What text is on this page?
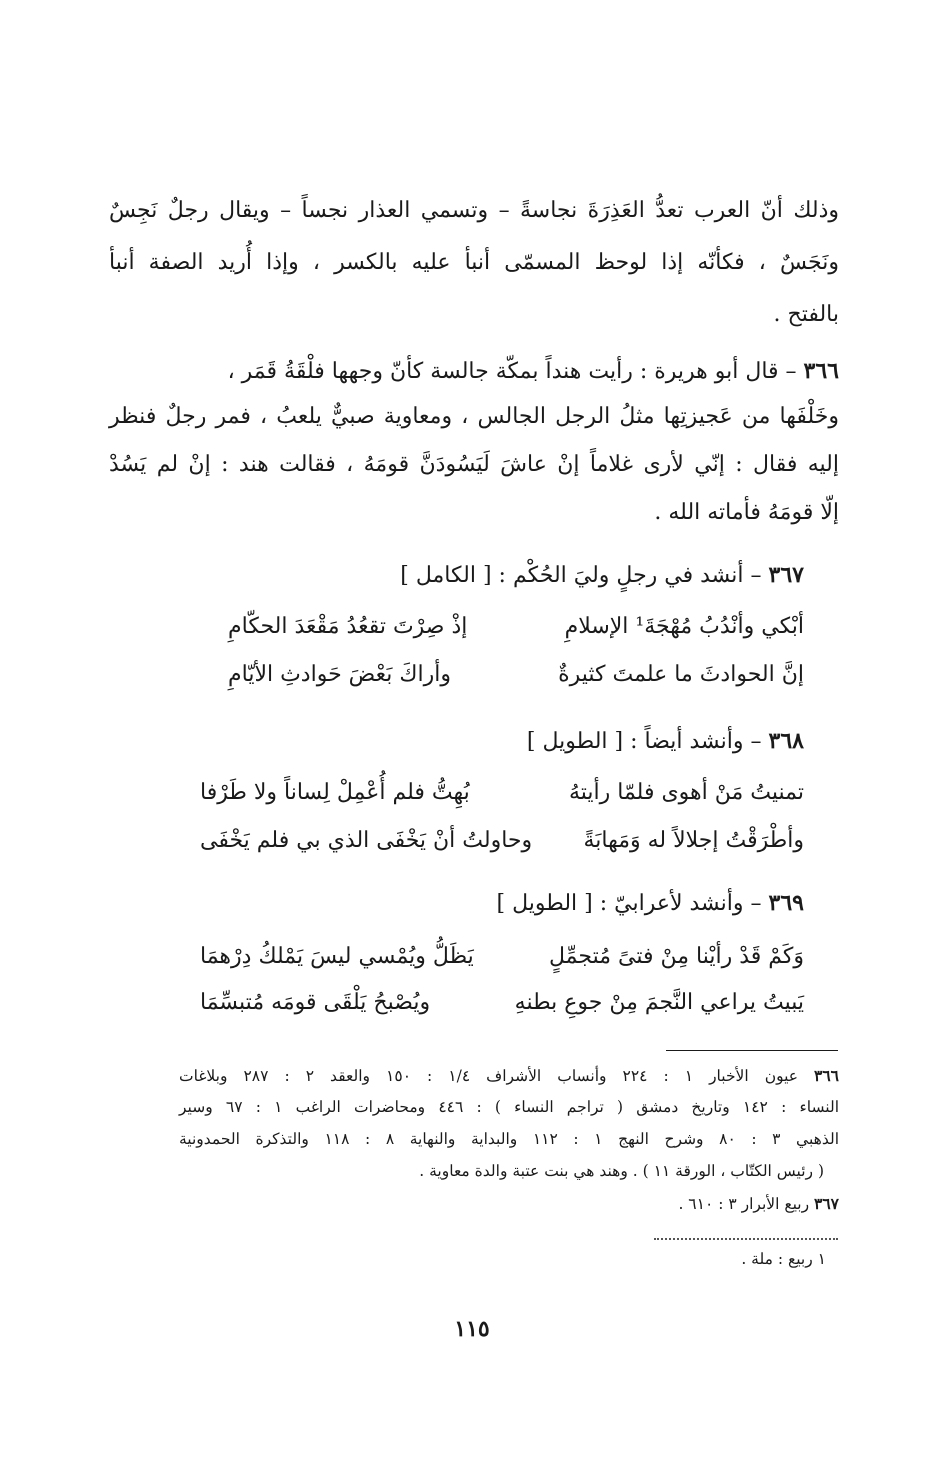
وذلك أنّ العرب تعدُّ العَذِرَةَ نجاسةً – وتسمي العذار نجساً – ويقال رجلٌ نَجِسٌ
ونَجَسٌ ، فكأنّه إذا لوحظ المسمّى أنبأ عليه بالكسر ، وإذا أُريد الصفة أنبأ
بالفتح .
٣٦٦ – قال أبو هريرة : رأيت هنداً بمكّة جالسة كأنّ وجهها فلْقَةُ قَمَر ،
وخَلْفَها من عَجيزتِها مثلُ الرجل الجالس ، ومعاوية صبيٌّ يلعبُ ، فمر رجلٌ فنظر
إليه فقال : إنّي لأرى غلاماً إنْ عاشَ لَيَسُودَنَّ قومَهُ ، فقالت هند : إنْ لم يَسُدْ
إلّا قومَهُ فأماته الله .
٣٦٧ – أنشد في رجلٍ وليَ الحُكْم : [ الكامل ]
أبْكي وأنْدُبُ مُهْجَةَ¹ الإسلامِ
إذْ صِرْتَ تقعُدُ مَقْعَدَ الحكّامِ
إنَّ الحوادثَ ما علمتَ كثيرةٌ
وأراكَ بَعْضَ حَوادثِ الأيّامِ
٣٦٨ – وأنشد أيضاً : [ الطويل ]
تمنيتُ مَنْ أهوى فلمّا رأيتهُ
بُهِتُّ فلم أُعْمِلْ لِساناً ولا طَرْفا
وأطْرَقْتُ إجلالاً له وَمَهابَةً
وحاولتُ أنْ يَخْفَى الذي بي فلم يَخْفَى
٣٦٩ – وأنشد لأعرابيّ : [ الطويل ]
وَكَمْ قَدْ رأيْنا مِنْ فتىً مُتجمِّلٍ
يَظَلُّ ويُمْسي ليسَ يَمْلكُ دِرْهمَا
يَبيتُ يراعي النَّجمَ مِنْ جوعِ بطنهِ
ويُصْبحُ يَلْقَى قومَه مُتبسِّمَا
٣٦٦ عيون الأخبار ١ : ٢٢٤ وأنساب الأشراف ١/٤ : ١٥٠ والعقد ٢ : ٢٨٧ وبلاغات
النساء : ١٤٢ وتاريخ دمشق ( تراجم النساء ) : ٤٤٦ ومحاضرات الراغب ١ : ٦٧ وسير
الذهبي ٣ : ٨٠ وشرح النهج ١ : ١١٢ والبداية والنهاية ٨ : ١١٨ والتذكرة الحمدونية
( رئيس الكتّاب ، الورقة ١١ ) . وهند هي بنت عتبة والدة معاوية .
٣٦٧ ربيع الأبرار ٣ : ٦١٠ .
١ ربيع : ملة .
١١٥
